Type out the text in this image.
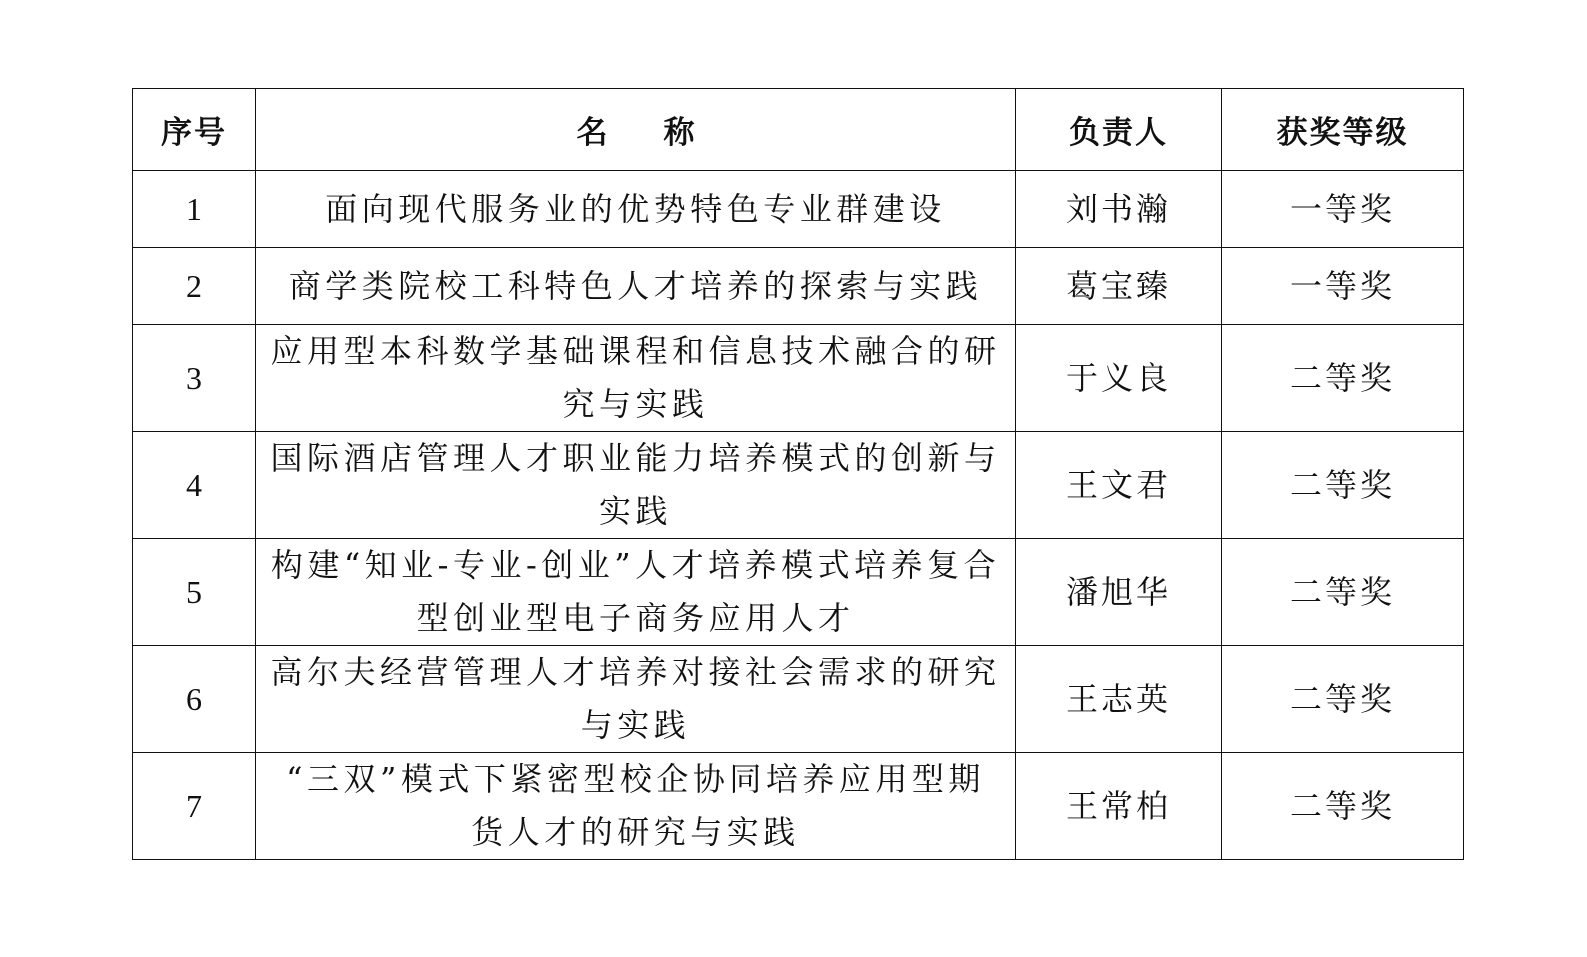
序号	名称	负责人	获奖等级
1	面向现代服务业的优势特色专业群建设	刘书瀚	一等奖
2	商学类院校工科特色人才培养的探索与实践	葛宝臻	一等奖
3	应用型本科数学基础课程和信息技术融合的研究与实践	于义良	二等奖
4	国际酒店管理人才职业能力培养模式的创新与实践	王文君	二等奖
5	构建“知业-专业-创业”人才培养模式培养复合型创业型电子商务应用人才	潘旭华	二等奖
6	高尔夫经营管理人才培养对接社会需求的研究与实践	王志英	二等奖
7	“三双”模式下紧密型校企协同培养应用型期货人才的研究与实践	王常柏	二等奖
